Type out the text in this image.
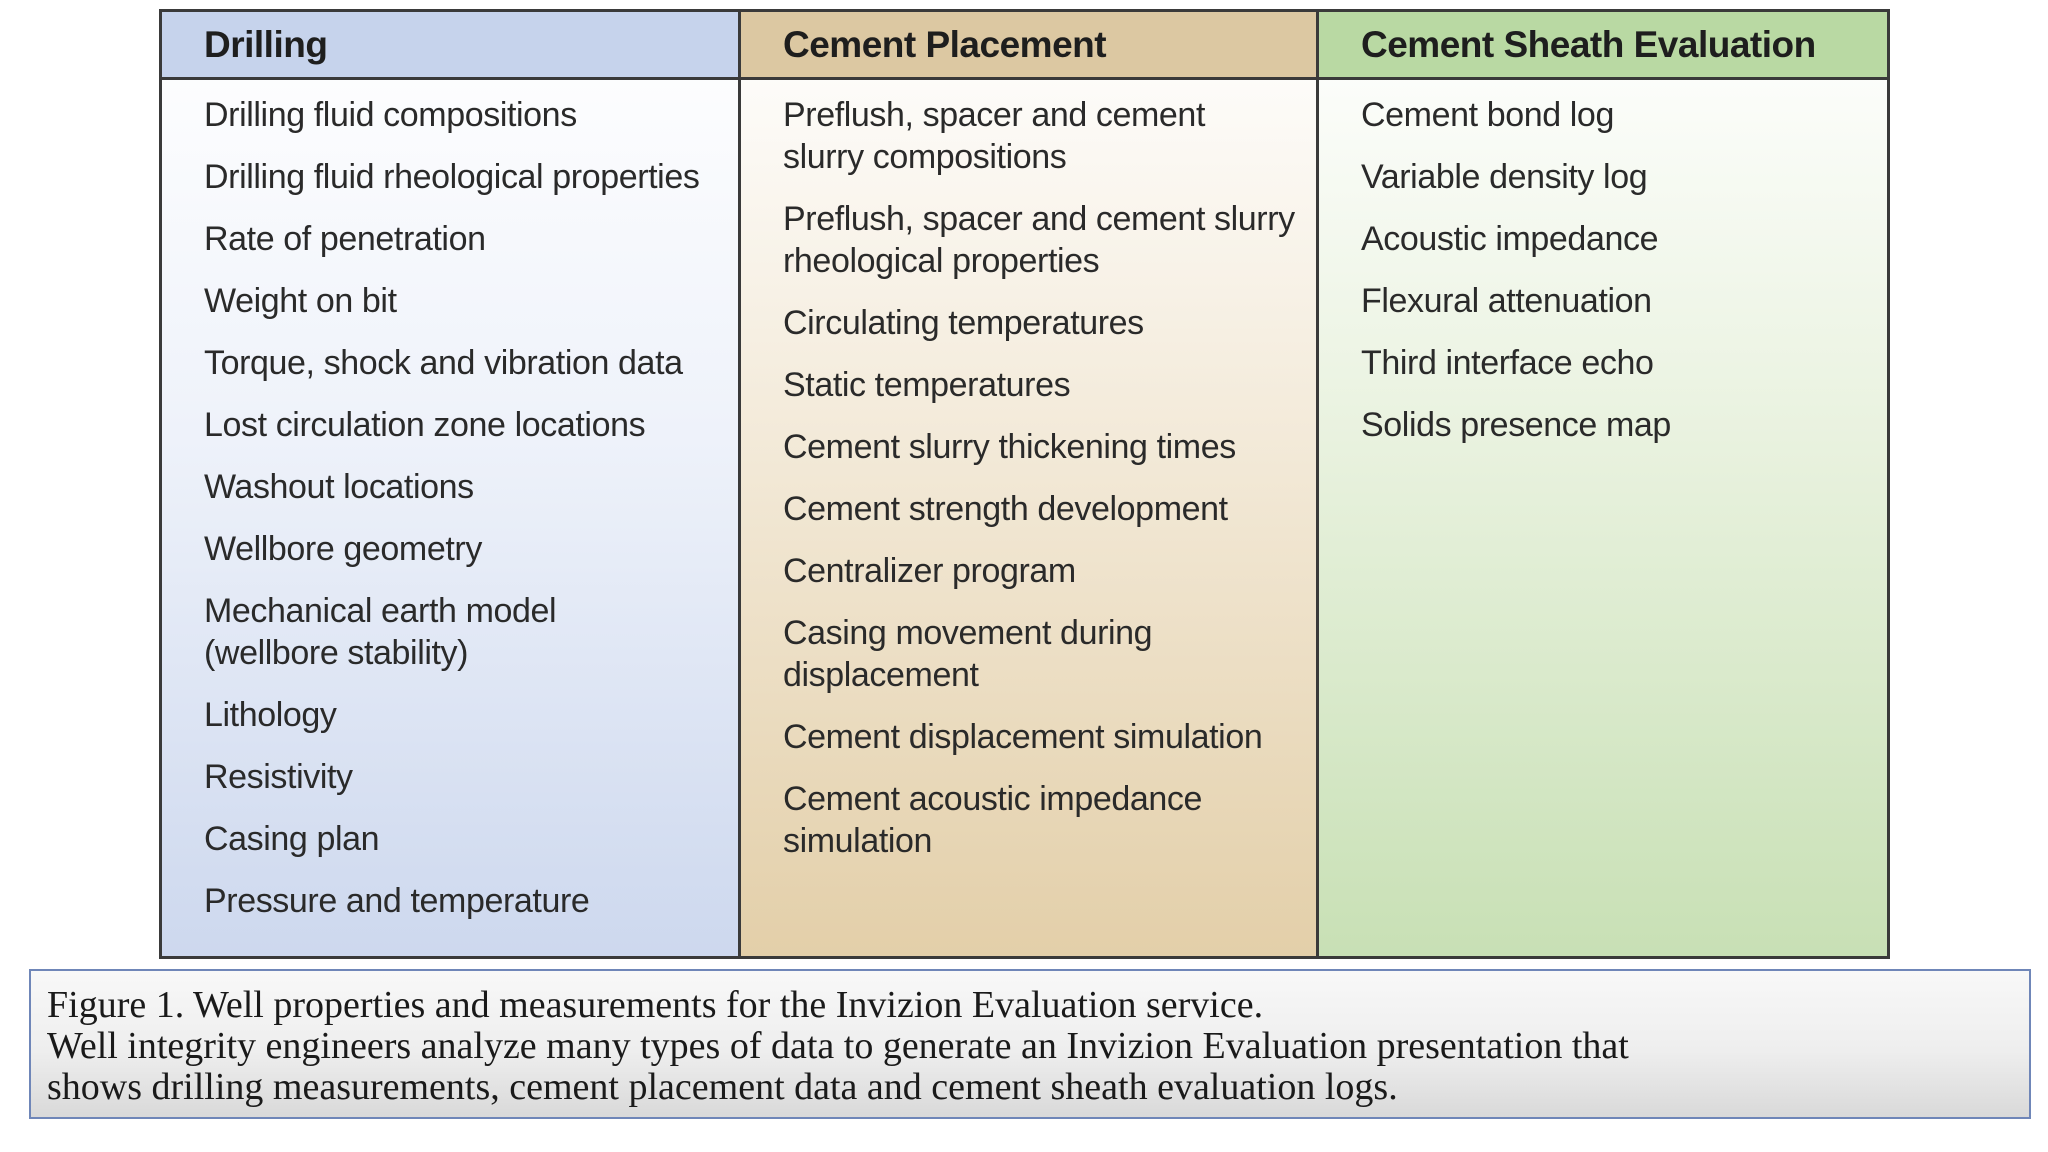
Drilling
Drilling fluid compositions
Drilling fluid rheological properties
Rate of penetration
Weight on bit
Torque, shock and vibration data
Lost circulation zone locations
Washout locations
Wellbore geometry
Mechanical earth model
(wellbore stability)
Lithology
Resistivity
Casing plan
Pressure and temperature
Cement Placement
Preflush, spacer and cement
slurry compositions
Preflush, spacer and cement slurry
rheological properties
Circulating temperatures
Static temperatures
Cement slurry thickening times
Cement strength development
Centralizer program
Casing movement during
displacement
Cement displacement simulation
Cement acoustic impedance
simulation
Cement Sheath Evaluation
Cement bond log
Variable density log
Acoustic impedance
Flexural attenuation
Third interface echo
Solids presence map
Figure 1. Well properties and measurements for the Invizion Evaluation service.
Well integrity engineers analyze many types of data to generate an Invizion Evaluation presentation that
shows drilling measurements, cement placement data and cement sheath evaluation logs.
